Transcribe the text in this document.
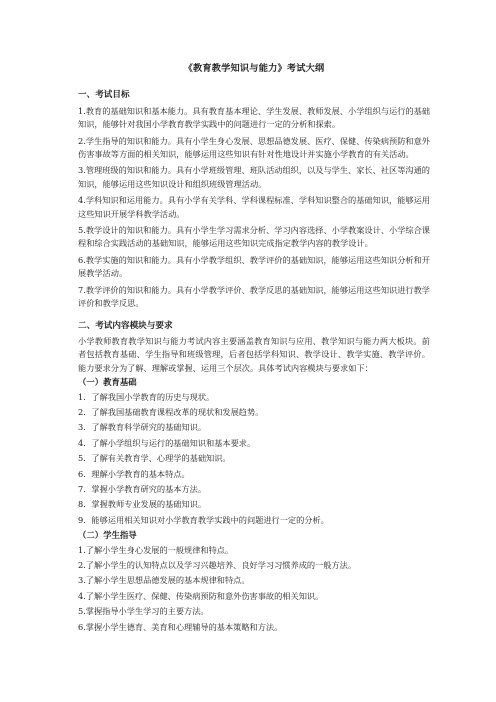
《教育教学知识与能力》考试大纲
一、考试目标
1.教育的基础知识和基本能力。具有教育基本理论、学生发展、教师发展、小学组织与运行的基础知识，能够针对我国小学教育教学实践中的问题进行一定的分析和探索。
2.学生指导的知识和能力。具有小学生身心发展、思想品德发展、医疗、保健、传染病预防和意外伤害事故等方面的相关知识，能够运用这些知识有针对性地设计并实施小学教育的有关活动。
3.管理班级的知识和能力。具有小学班级管理、班队活动组织，以及与学生、家长、社区等沟通的知识，能够运用这些知识设计和组织班级管理活动。
4.学科知识和运用能力。具有小学有关学科、学科课程标准、学科知识整合的基础知识，能够运用这些知识开展学科教学活动。
5.教学设计的知识和能力。具有小学生学习需求分析、学习内容选择、小学教案设计、小学综合课程和综合实践活动的基础知识，能够运用这些知识完成指定教学内容的教学设计。
6.教学实施的知识和能力。具有小学教学组织、教学评价的基础知识，能够运用这些知识分析和开展教学活动。
7.教学评价的知识和能力。具有小学教学评价、教学反思的基础知识，能够运用这些知识进行教学评价和教学反思。
二、考试内容模块与要求
小学教师教育教学知识与能力考试内容主要涵盖教育知识与应用、教学知识与能力两大板块。前者包括教育基础、学生指导和班级管理，后者包括学科知识、教学设计、教学实施、教学评价。能力要求分为了解、理解或掌握、运用三个层次。具体考试内容模块与要求如下：
（一）教育基础
1．了解我国小学教育的历史与现状。
2．了解我国基础教育课程改革的现状和发展趋势。
3．了解教育科学研究的基础知识。
4．了解小学组织与运行的基础知识和基本要求。
5．了解有关教育学、心理学的基础知识。
6．理解小学教育的基本特点。
7．掌握小学教育研究的基本方法。
8．掌握教师专业发展的基础知识。
9．能够运用相关知识对小学教育教学实践中的问题进行一定的分析。
（二）学生指导
1.了解小学生身心发展的一般规律和特点。
2.了解小学生的认知特点以及学习兴趣培养、良好学习习惯养成的一般方法。
3.了解小学生思想品德发展的基本规律和特点。
4.了解小学生医疗、保健、传染病预防和意外伤害事故的相关知识。
5.掌握指导小学生学习的主要方法。
6.掌握小学生德育、美育和心理辅导的基本策略和方法。
